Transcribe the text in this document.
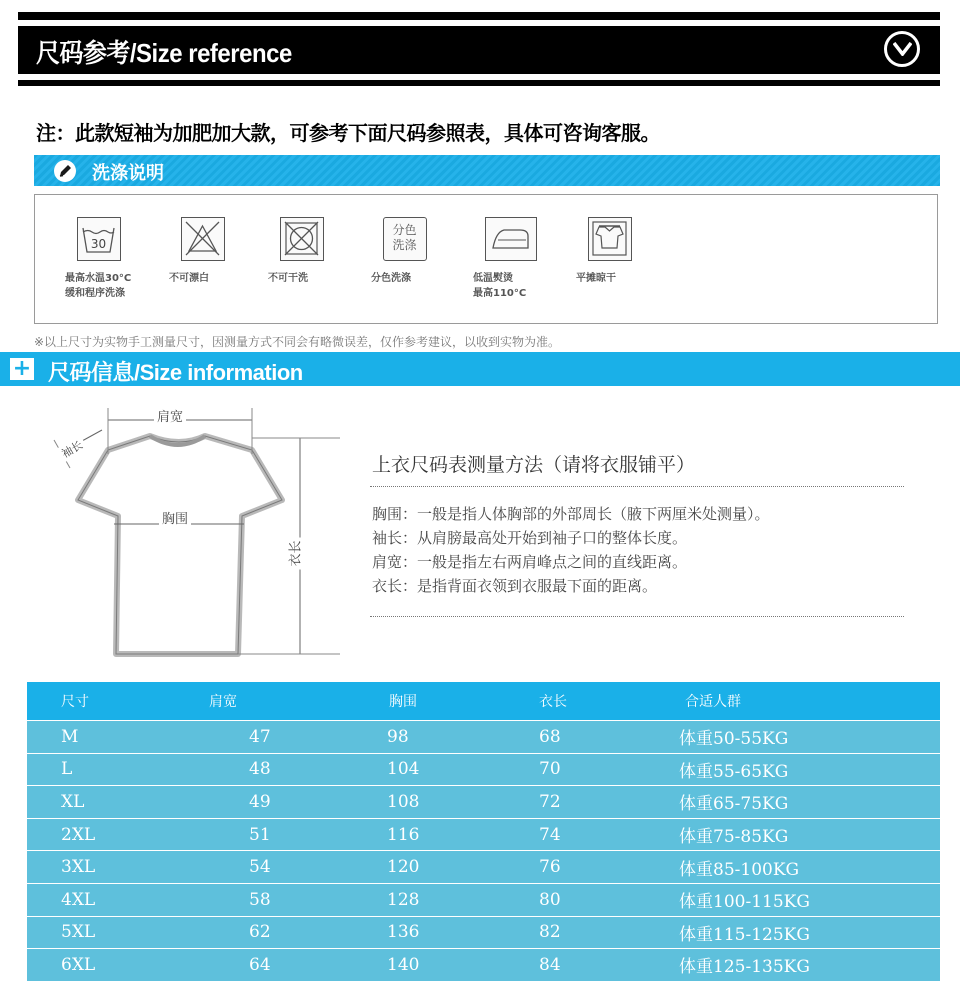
尺码参考/Size reference
注：此款短袖为加肥加大款，可参考下面尺码参照表，具体可咨询客服。
洗涤说明
30
最高水温30°C
缓和程序洗涤
不可漂白	不可干洗
分色
洗涤
分色洗涤	低温熨烫
最高110°C
平摊晾干
※以上尺寸为实物手工测量尺寸，因测量方式不同会有略微误差，仅作参考建议，以收到实物为准。
+ 尺码信息/Size information
肩宽
袖长
胸围
衣长
上衣尺码表测量方法（请将衣服铺平）
胸围：一般是指人体胸部的外部周长（腋下两厘米处测量）。
袖长：从肩膀最高处开始到袖子口的整体长度。
肩宽：一般是指左右两肩峰点之间的直线距离。
衣长：是指背面衣领到衣服最下面的距离。
尺寸	肩宽	胸围	衣长	合适人群
M	47	98	68	体重50-55KG
L	48	104	70	体重55-65KG
XL	49	108	72	体重65-75KG
2XL	51	116	74	体重75-85KG
3XL	54	120	76	体重85-100KG
4XL	58	128	80	体重100-115KG
5XL	62	136	82	体重115-125KG
6XL	64	140	84	体重125-135KG
